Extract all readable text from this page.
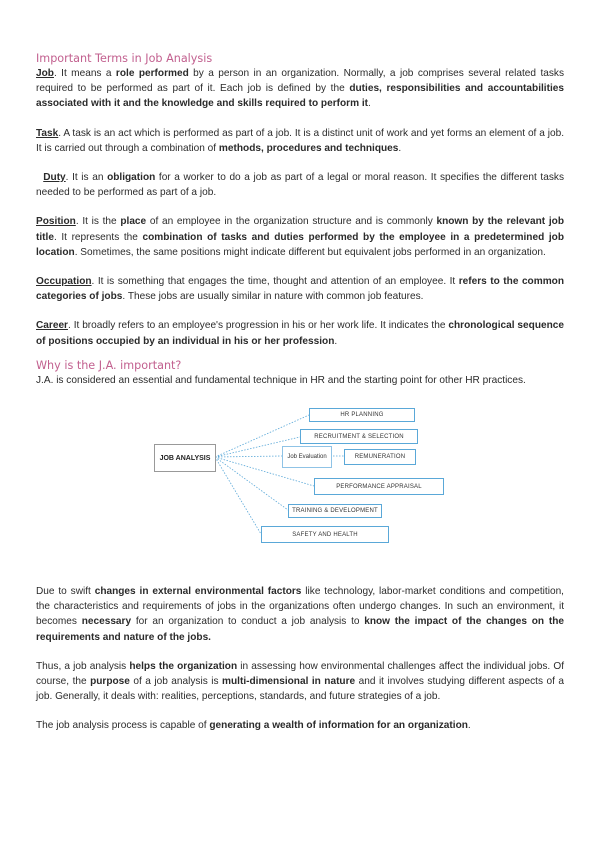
Important Terms in Job Analysis

Job. It means a role performed by a person in an organization. Normally, a job comprises several related tasks required to be performed as part of it. Each job is defined by the duties, responsibilities and accountabilities associated with it and the knowledge and skills required to perform it.

Task. A task is an act which is performed as part of a job. It is a distinct unit of work and yet forms an element of a job. It is carried out through a combination of methods, procedures and techniques.

Duty. It is an obligation for a worker to do a job as part of a legal or moral reason. It specifies the different tasks needed to be performed as part of a job.

Position. It is the place of an employee in the organization structure and is commonly known by the relevant job title. It represents the combination of tasks and duties performed by the employee in a predetermined job location. Sometimes, the same positions might indicate different but equivalent jobs performed in an organization.

Occupation. It is something that engages the time, thought and attention of an employee. It refers to the common categories of jobs. These jobs are usually similar in nature with common job features.

Career. It broadly refers to an employee's progression in his or her work life. It indicates the chronological sequence of positions occupied by an individual in his or her profession.

Why is the J.A. important?

J.A. is considered an essential and fundamental technique in HR and the starting point for other HR practices.

JOB ANALYSIS	Job Evaluation
HR PLANNING
RECRUITMENT & SELECTION
REMUNERATION
PERFORMANCE APPRAISAL
TRAINING & DEVELOPMENT
SAFETY AND HEALTH

Due to swift changes in external environmental factors like technology, labor-market conditions and competition, the characteristics and requirements of jobs in the organizations often undergo changes. In such an environment, it becomes necessary for an organization to conduct a job analysis to know the impact of the changes on the requirements and nature of the jobs.

Thus, a job analysis helps the organization in assessing how environmental challenges affect the individual jobs. Of course, the purpose of a job analysis is multi-dimensional in nature and it involves studying different aspects of a job. Generally, it deals with: realities, perceptions, standards, and future strategies of a job.

The job analysis process is capable of generating a wealth of information for an organization.
